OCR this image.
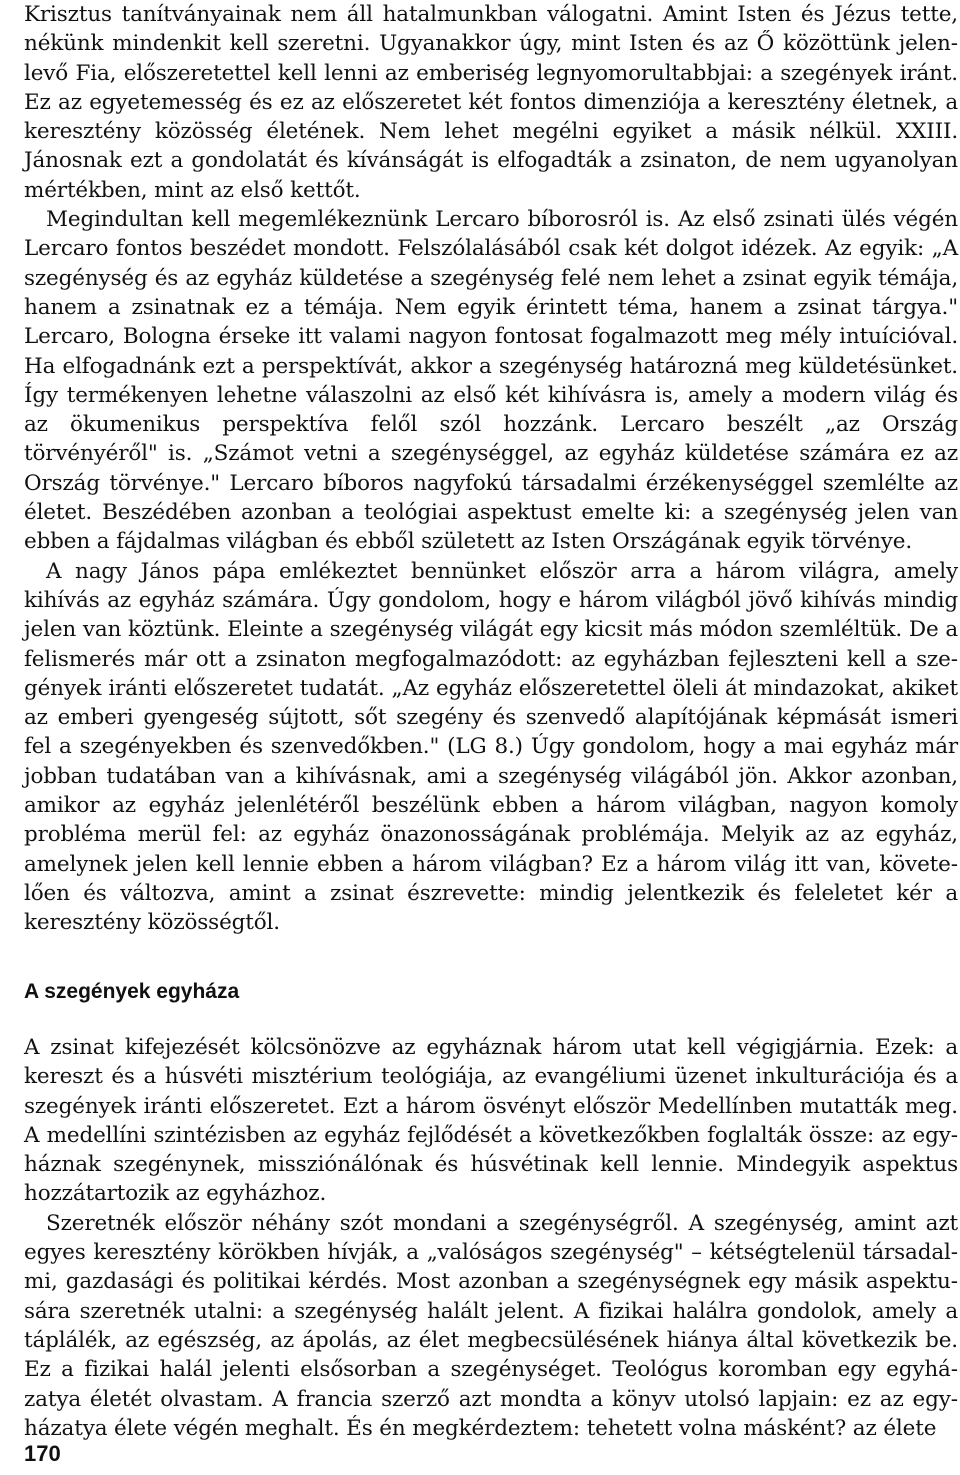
Krisztus tanítványainak nem áll hatalmunkban válogatni. Amint Isten és Jézus tette, nékünk mindenkit kell szeretni. Ugyanakkor úgy, mint Isten és az Ő közöttünk jelenlevő Fia, előszeretettel kell lenni az emberiség legnyomorultabbjai: a szegények iránt. Ez az egyetemesség és ez az előszeretet két fontos dimenziója a keresztény életnek, a keresztény közösség életének. Nem lehet megélni egyiket a másik nélkül. XXIII. Jánosnak ezt a gondolatát és kívánságát is elfogadták a zsinaton, de nem ugyanolyan mértékben, mint az első kettőt.

Megindultan kell megemlékeznünk Lercaro bíborosról is. Az első zsinati ülés végén Lercaro fontos beszédet mondott. Felszólalásából csak két dolgot idézek. Az egyik: „A szegénység és az egyház küldetése a szegénység felé nem lehet a zsinat egyik témája, hanem a zsinatnak ez a témája. Nem egyik érintett téma, hanem a zsinat tárgya." Lercaro, Bologna érseke itt valami nagyon fontosat fogalmazott meg mély intuícióval. Ha elfogadnánk ezt a perspektívát, akkor a szegénység határozná meg küldetésünket. Így termékenyen lehetne válaszolni az első két kihívásra is, amely a modern világ és az ökumenikus perspektíva felől szól hozzánk. Lercaro beszélt „az Ország törvényéről" is. „Számot vetni a szegénységgel, az egyház küldetése számára ez az Ország törvénye." Lercaro bíboros nagyfokú társadalmi érzékenységgel szemlélte az életet. Beszédében azonban a teológiai aspektust emelte ki: a szegénység jelen van ebben a fájdalmas világban és ebből született az Isten Országának egyik törvénye.

A nagy János pápa emlékeztet bennünket először arra a három világra, amely kihívás az egyház számára. Úgy gondolom, hogy e három világból jövő kihívás mindig jelen van köztünk. Eleinte a szegénység világát egy kicsit más módon szemléltük. De a felismerés már ott a zsinaton megfogalmazódott: az egyházban fejleszteni kell a szegények iránti előszeretet tudatát. „Az egyház előszeretettel öleli át mindazokat, akiket az emberi gyengeség sújtott, sőt szegény és szenvedő alapítójának képmását ismeri fel a szegényekben és szenvedőkben." (LG 8.) Úgy gondolom, hogy a mai egyház már jobban tudatában van a kihívásnak, ami a szegénység világából jön. Akkor azonban, amikor az egyház jelenlétéről beszélünk ebben a három világban, nagyon komoly probléma merül fel: az egyház önazonosságának problémája. Melyik az az egyház, amelynek jelen kell lennie ebben a három világban? Ez a három világ itt van, követelően és változva, amint a zsinat észrevette: mindig jelentkezik és feleletet kér a keresztény közösségtől.

A szegények egyháza

A zsinat kifejezését kölcsönözve az egyháznak három utat kell végigjárnia. Ezek: a kereszt és a húsvéti misztérium teológiája, az evangéliumi üzenet inkulturációja és a szegények iránti előszeretet. Ezt a három ösvényt először Medellínben mutatták meg. A medellíni szintézisben az egyház fejlődését a következőkben foglalták össze: az egyháznak szegénynek, missziónálónak és húsvétinak kell lennie. Mindegyik aspektus hozzátartozik az egyházhoz.

Szeretnék először néhány szót mondani a szegénységről. A szegénység, amint azt egyes keresztény körökben hívják, a „valóságos szegénység" – kétségtelenül társadalmi, gazdasági és politikai kérdés. Most azonban a szegénységnek egy másik aspektusára szeretnék utalni: a szegénység halált jelent. A fizikai halálra gondolok, amely a táplálék, az egészség, az ápolás, az élet megbecsülésének hiánya által következik be. Ez a fizikai halál jelenti elsősorban a szegénységet. Teológus koromban egy egyházatya életét olvastam. A francia szerző azt mondta a könyv utolsó lapjain: ez az egyházatya élete végén meghalt. És én megkérdeztem: tehetett volna másként? az élete

170
